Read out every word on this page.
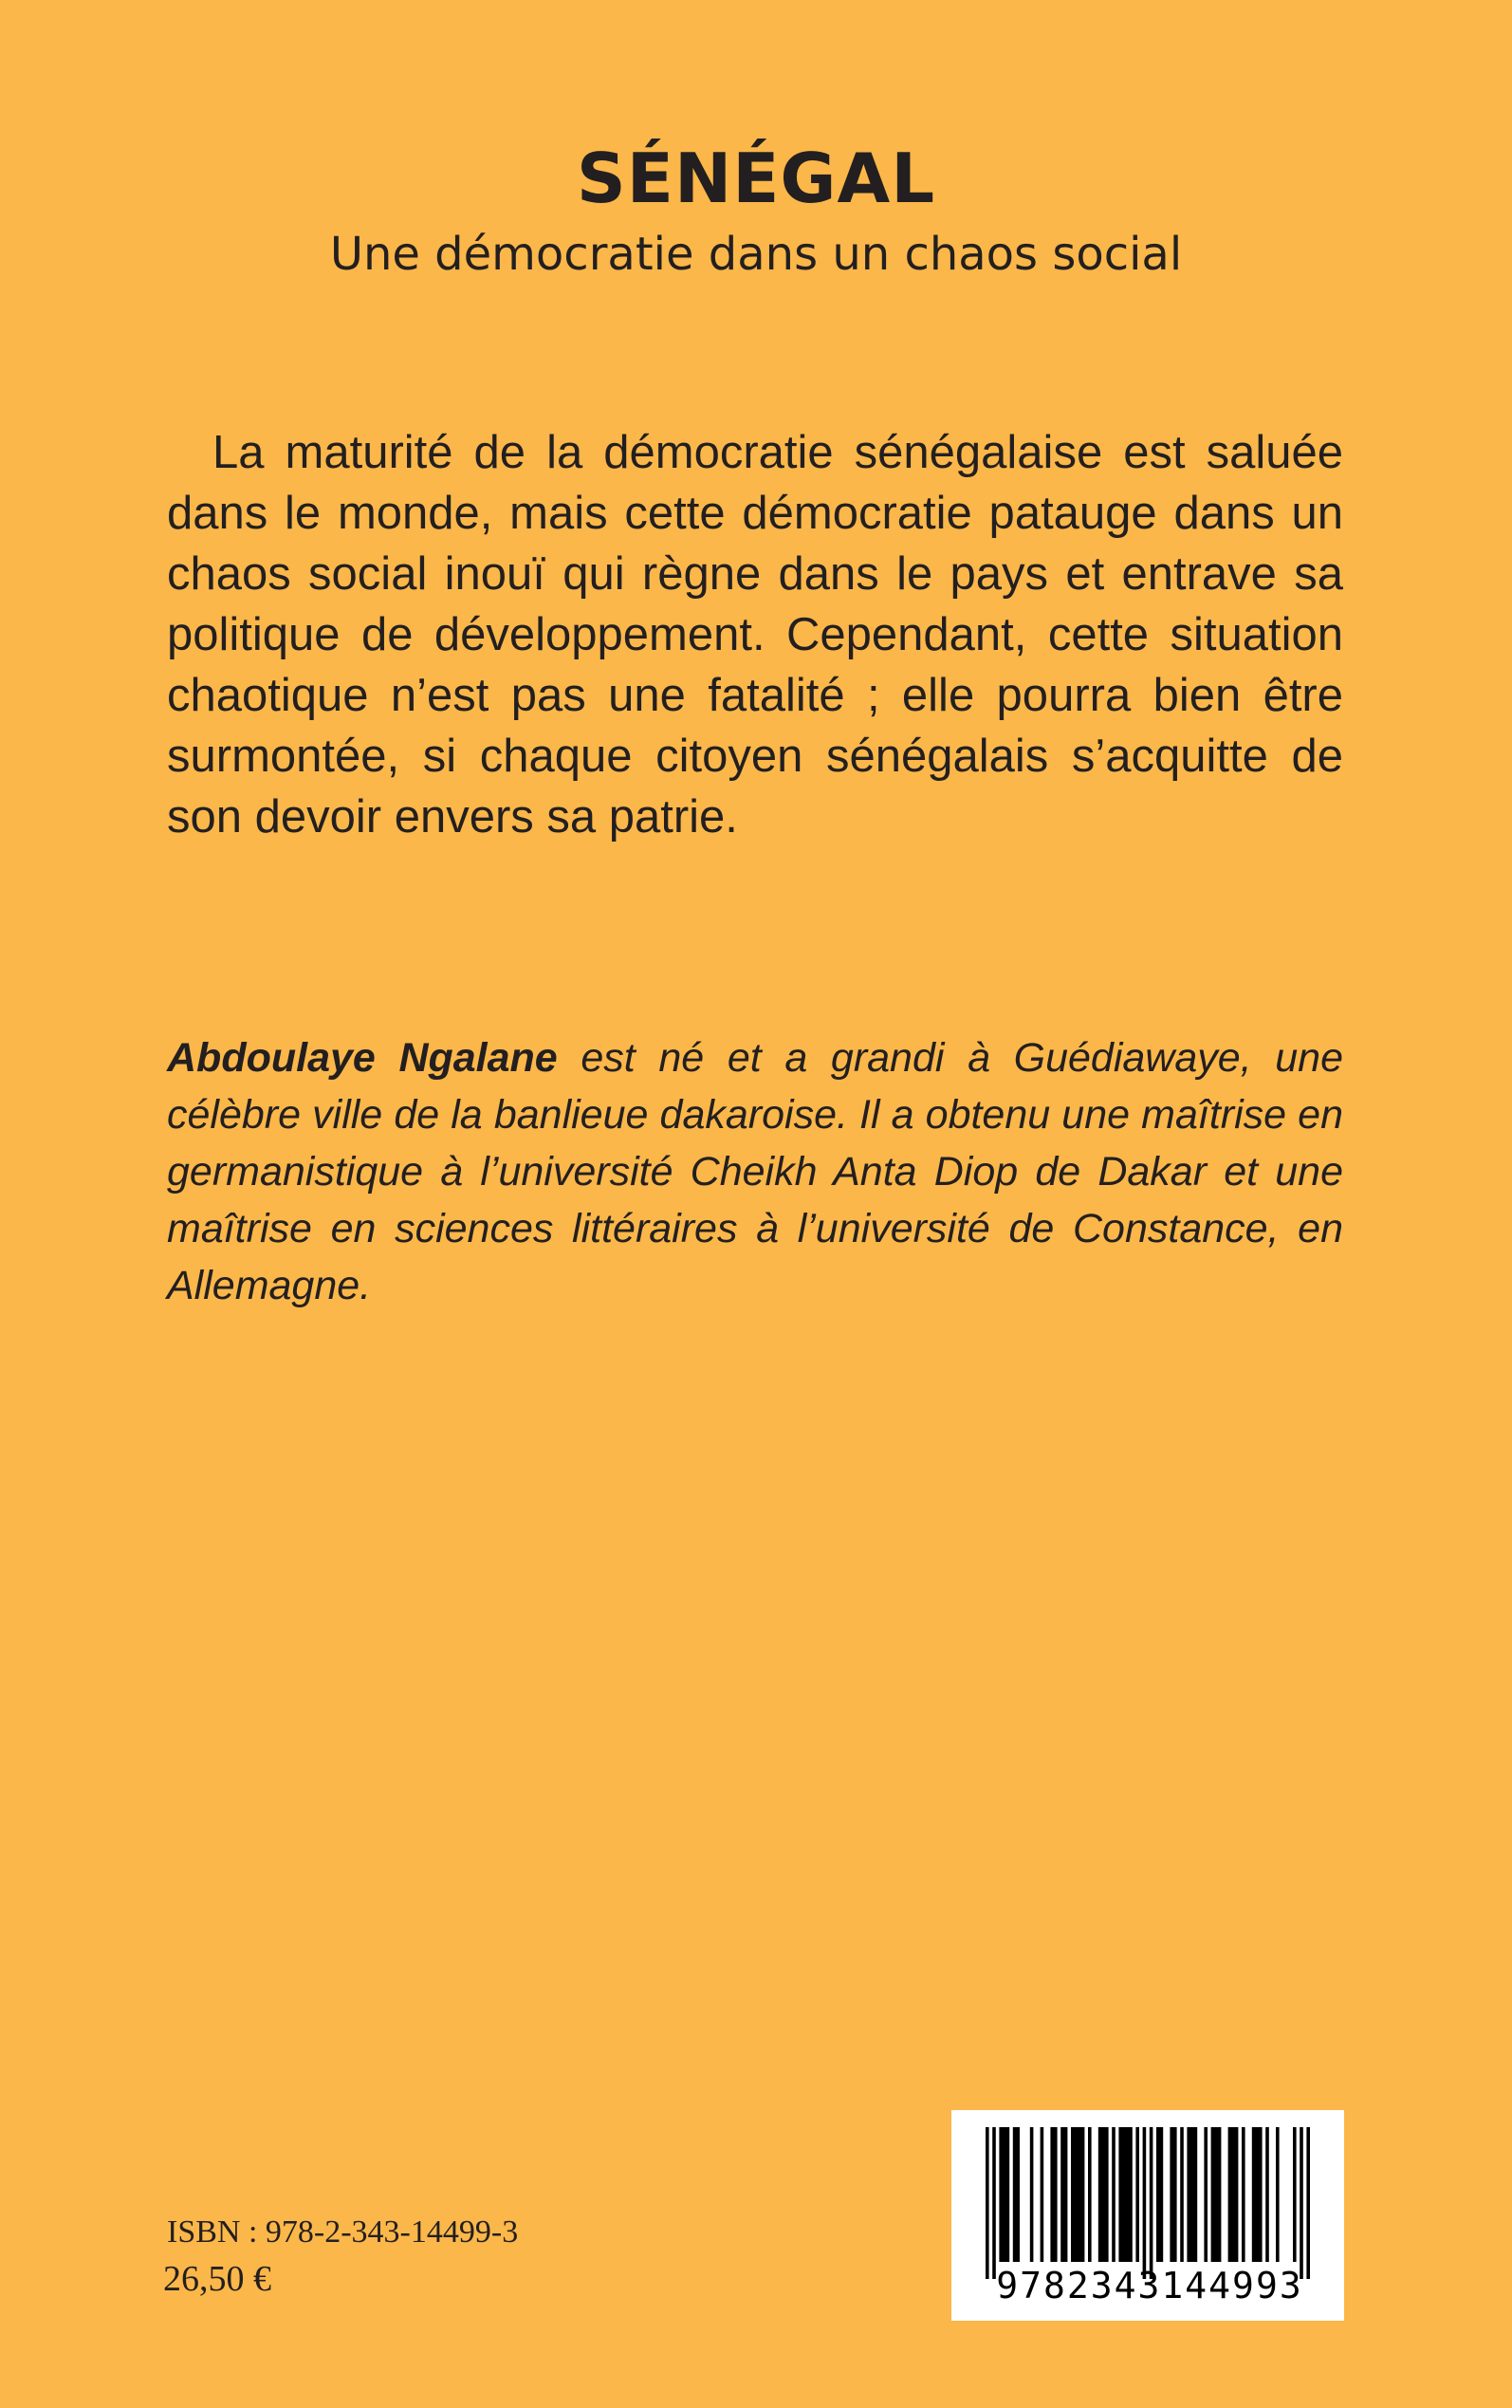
SÉNÉGAL

Une démocratie dans un chaos social

La maturité de la démocratie sénégalaise est saluée dans le monde, mais cette démocratie patauge dans un chaos social inouï qui règne dans le pays et entrave sa politique de développement. Cependant, cette situation chaotique n’est pas une fatalité ; elle pourra bien être surmontée, si chaque citoyen sénégalais s’acquitte de son devoir envers sa patrie.

Abdoulaye Ngalane est né et a grandi à Guédiawaye, une célèbre ville de la banlieue dakaroise. Il a obtenu une maîtrise en germanistique à l’université Cheikh Anta Diop de Dakar et une maîtrise en sciences littéraires à l’université de Constance, en Allemagne.

ISBN : 978-2-343-14499-3

26,50 €	9782343144993
